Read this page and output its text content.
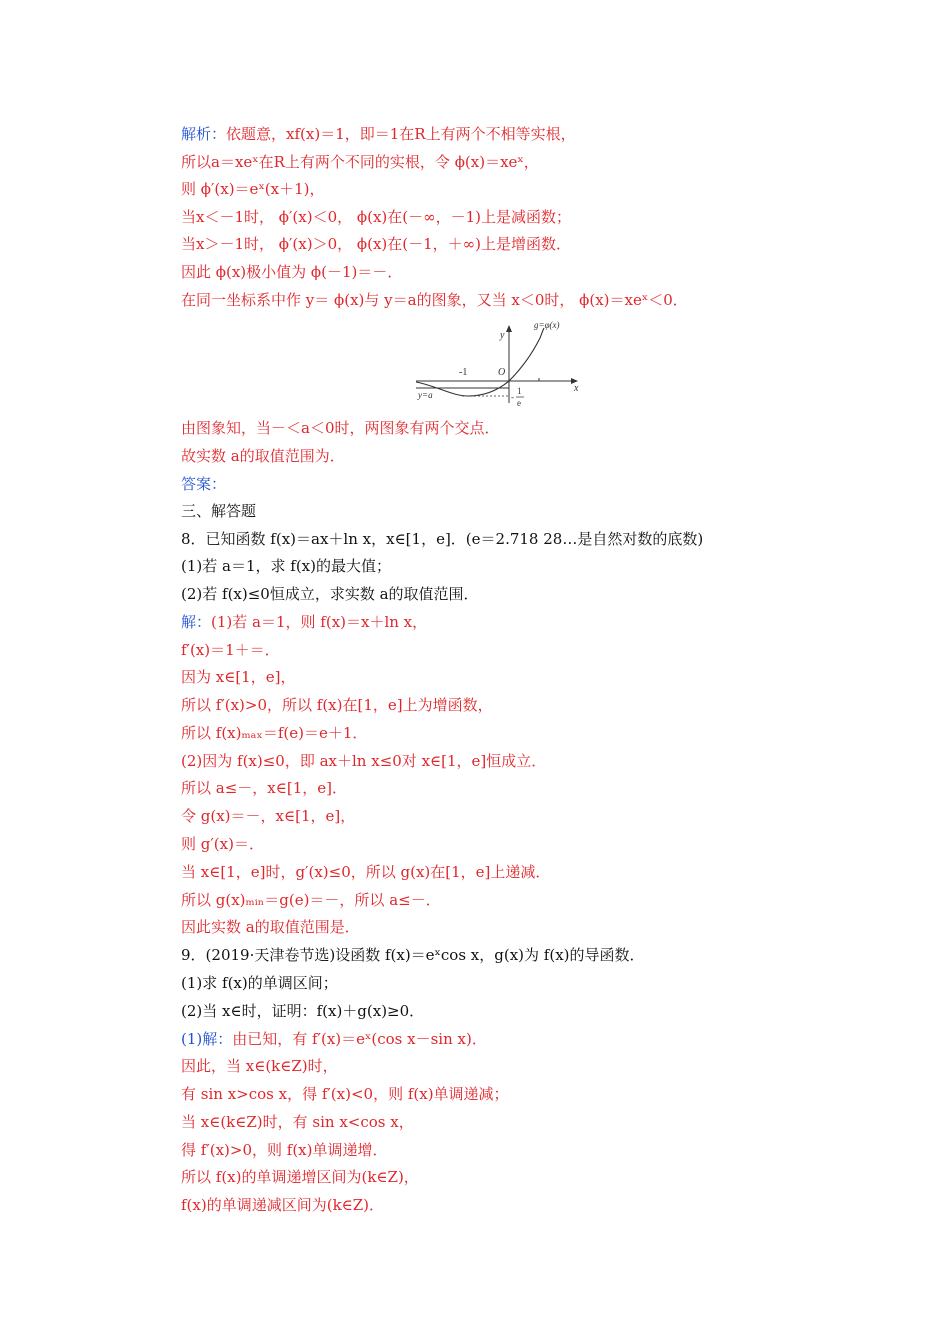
解析：依题意，xf(x)＝1，即＝1在R上有两个不相等实根，
所以a＝xeˣ在R上有两个不同的实根，令 ϕ(x)＝xeˣ，
则 ϕ′(x)＝eˣ(x＋1)，
当x＜－1时， ϕ′(x)＜0， ϕ(x)在(－∞，－1)上是减函数；
当x＞－1时， ϕ′(x)＞0， ϕ(x)在(－1，＋∞)上是增函数．
因此 ϕ(x)极小值为 ϕ(－1)＝－．
在同一坐标系中作 y＝ ϕ(x)与 y＝a的图象，又当 x＜0时， ϕ(x)＝xeˣ＜0．
y
x
g=φ(x)
O
-1
-
1
e
y=a
由图象知，当－＜a＜0时，两图象有两个交点．
故实数 a的取值范围为．
答案：
三、解答题
8．已知函数 f(x)＝ax＋ln x，x∈[1，e]．(e＝2.718 28…是自然对数的底数)
(1)若 a＝1，求 f(x)的最大值；
(2)若 f(x)≤0恒成立，求实数 a的取值范围．
解：(1)若 a＝1，则 f(x)＝x＋ln x，
f′(x)＝1＋＝．
因为 x∈[1，e]，
所以 f′(x)>0，所以 f(x)在[1，e]上为增函数，
所以 f(x)ₘₐₓ＝f(e)＝e＋1．
(2)因为 f(x)≤0，即 ax＋ln x≤0对 x∈[1，e]恒成立．
所以 a≤－，x∈[1，e]．
令 g(x)＝－，x∈[1，e]，
则 g′(x)＝．
当 x∈[1，e]时，g′(x)≤0，所以 g(x)在[1，e]上递减．
所以 g(x)ₘᵢₙ＝g(e)＝－，所以 a≤－．
因此实数 a的取值范围是．
9．(2019·天津卷节选)设函数 f(x)＝eˣcos x，g(x)为 f(x)的导函数．
(1)求 f(x)的单调区间；
(2)当 x∈时，证明：f(x)＋g(x)≥0．
(1)解：由已知，有 f′(x)＝eˣ(cos x－sin x)．
因此，当 x∈(k∈Z)时，
有 sin x>cos x，得 f′(x)<0，则 f(x)单调递减；
当 x∈(k∈Z)时，有 sin x<cos x，
得 f′(x)>0，则 f(x)单调递增．
所以 f(x)的单调递增区间为(k∈Z)，
f(x)的单调递减区间为(k∈Z)．
